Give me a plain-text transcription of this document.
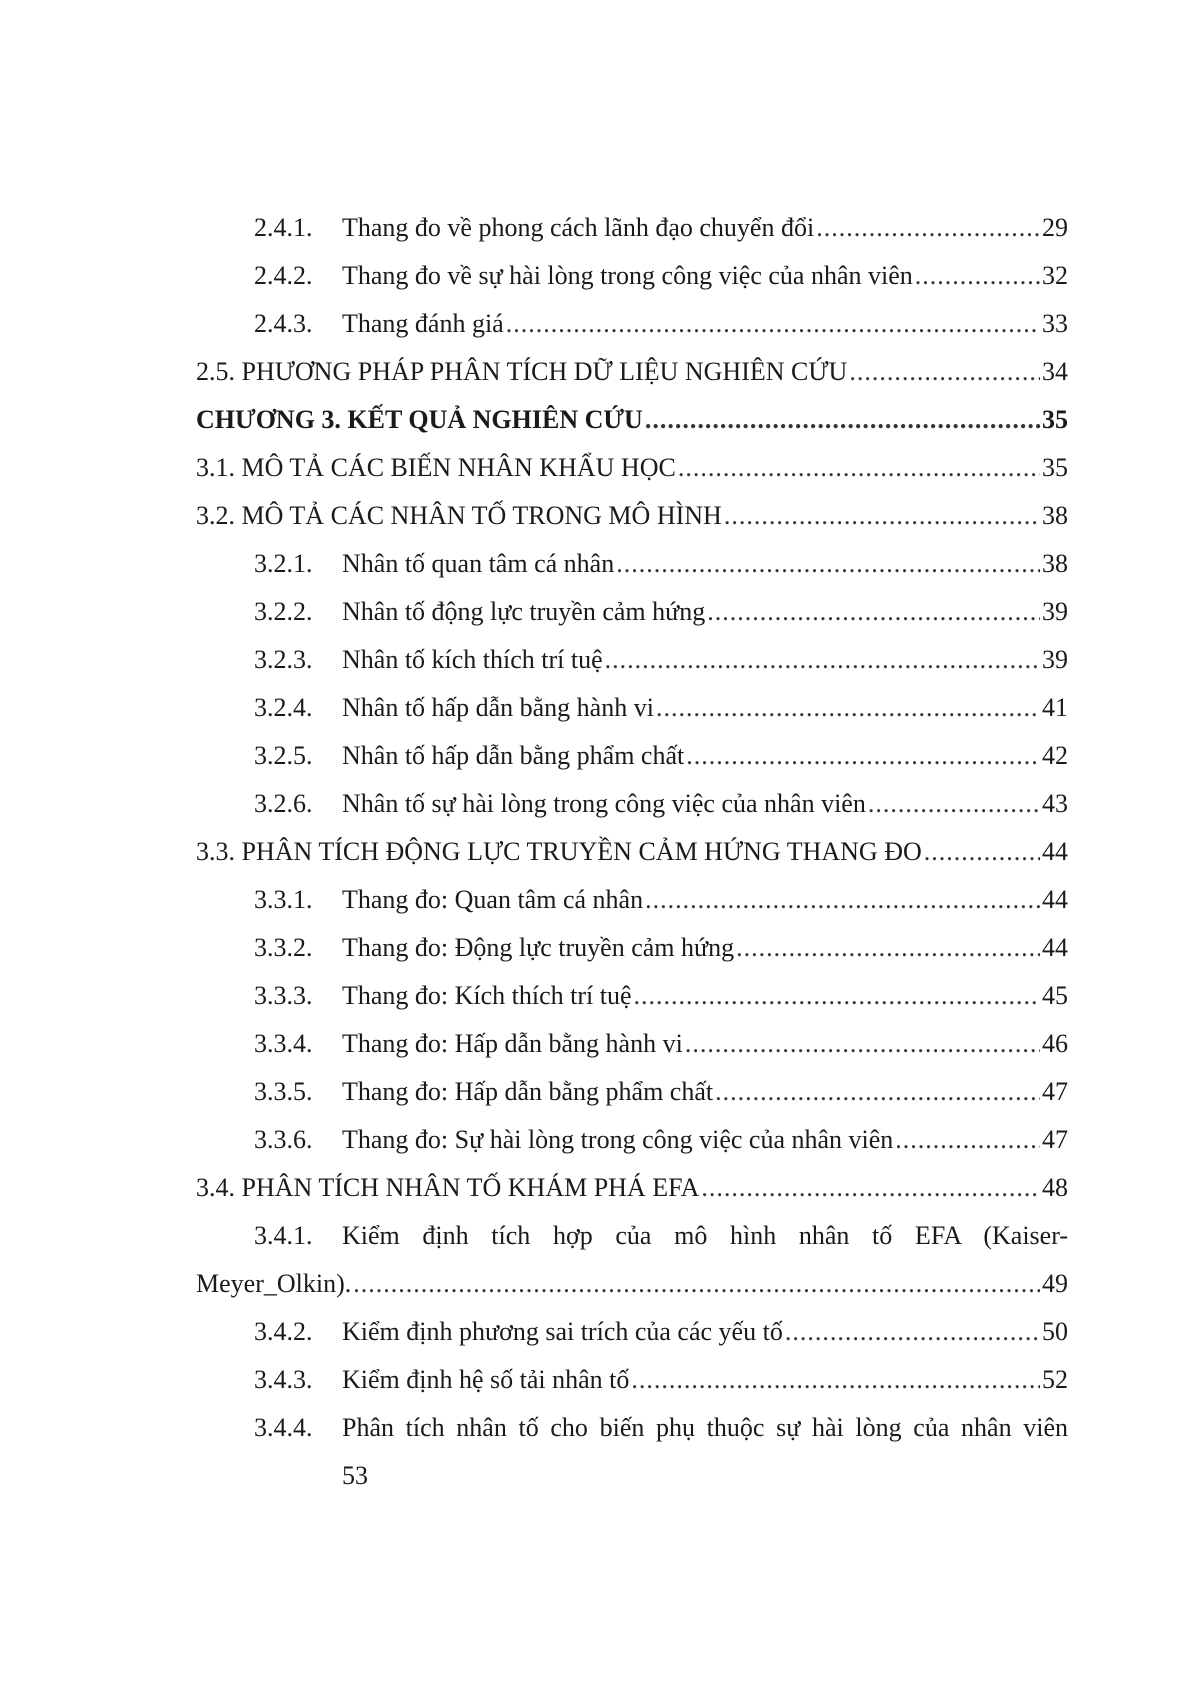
2.4.1.	Thang đo về phong cách lãnh đạo chuyển đổi .....	29
2.4.2.	Thang đo về sự hài lòng trong công việc của nhân viên .....	32
2.4.3.	Thang đánh giá .....	33
2.5. PHƯƠNG PHÁP PHÂN TÍCH DỮ LIỆU NGHIÊN CỨU .....	34
CHƯƠNG 3. KẾT QUẢ NGHIÊN CỨU .....	35
3.1. MÔ TẢ CÁC BIẾN NHÂN KHẨU HỌC .....	35
3.2. MÔ TẢ CÁC NHÂN TỐ TRONG MÔ HÌNH .....	38
3.2.1.	Nhân tố quan tâm cá nhân .....	38
3.2.2.	Nhân tố động lực truyền cảm hứng .....	39
3.2.3.	Nhân tố kích thích trí tuệ .....	39
3.2.4.	Nhân tố hấp dẫn bằng hành vi .....	41
3.2.5.	Nhân tố hấp dẫn bằng phẩm chất .....	42
3.2.6.	Nhân tố sự hài lòng trong công việc của nhân viên .....	43
3.3. PHÂN TÍCH ĐỘNG LỰC TRUYỀN CẢM HỨNG THANG ĐO .....	44
3.3.1.	Thang đo: Quan tâm cá nhân .....	44
3.3.2.	Thang đo: Động lực truyền cảm hứng .....	44
3.3.3.	Thang đo: Kích thích trí tuệ .....	45
3.3.4.	Thang đo: Hấp dẫn bằng hành vi .....	46
3.3.5.	Thang đo: Hấp dẫn bằng phẩm chất .....	47
3.3.6.	Thang đo: Sự hài lòng trong công việc của nhân viên .....	47
3.4. PHÂN TÍCH NHÂN TỐ KHÁM PHÁ EFA .....	48
3.4.1.	Kiểm định tích hợp của mô hình nhân tố EFA (Kaiser-
Meyer_Olkin). .....	49
3.4.2.	Kiểm định phương sai trích của các yếu tố .....	50
3.4.3.	Kiểm định hệ số tải nhân tố .....	52
3.4.4.	Phân tích nhân tố cho biến phụ thuộc sự hài lòng của nhân viên
53
